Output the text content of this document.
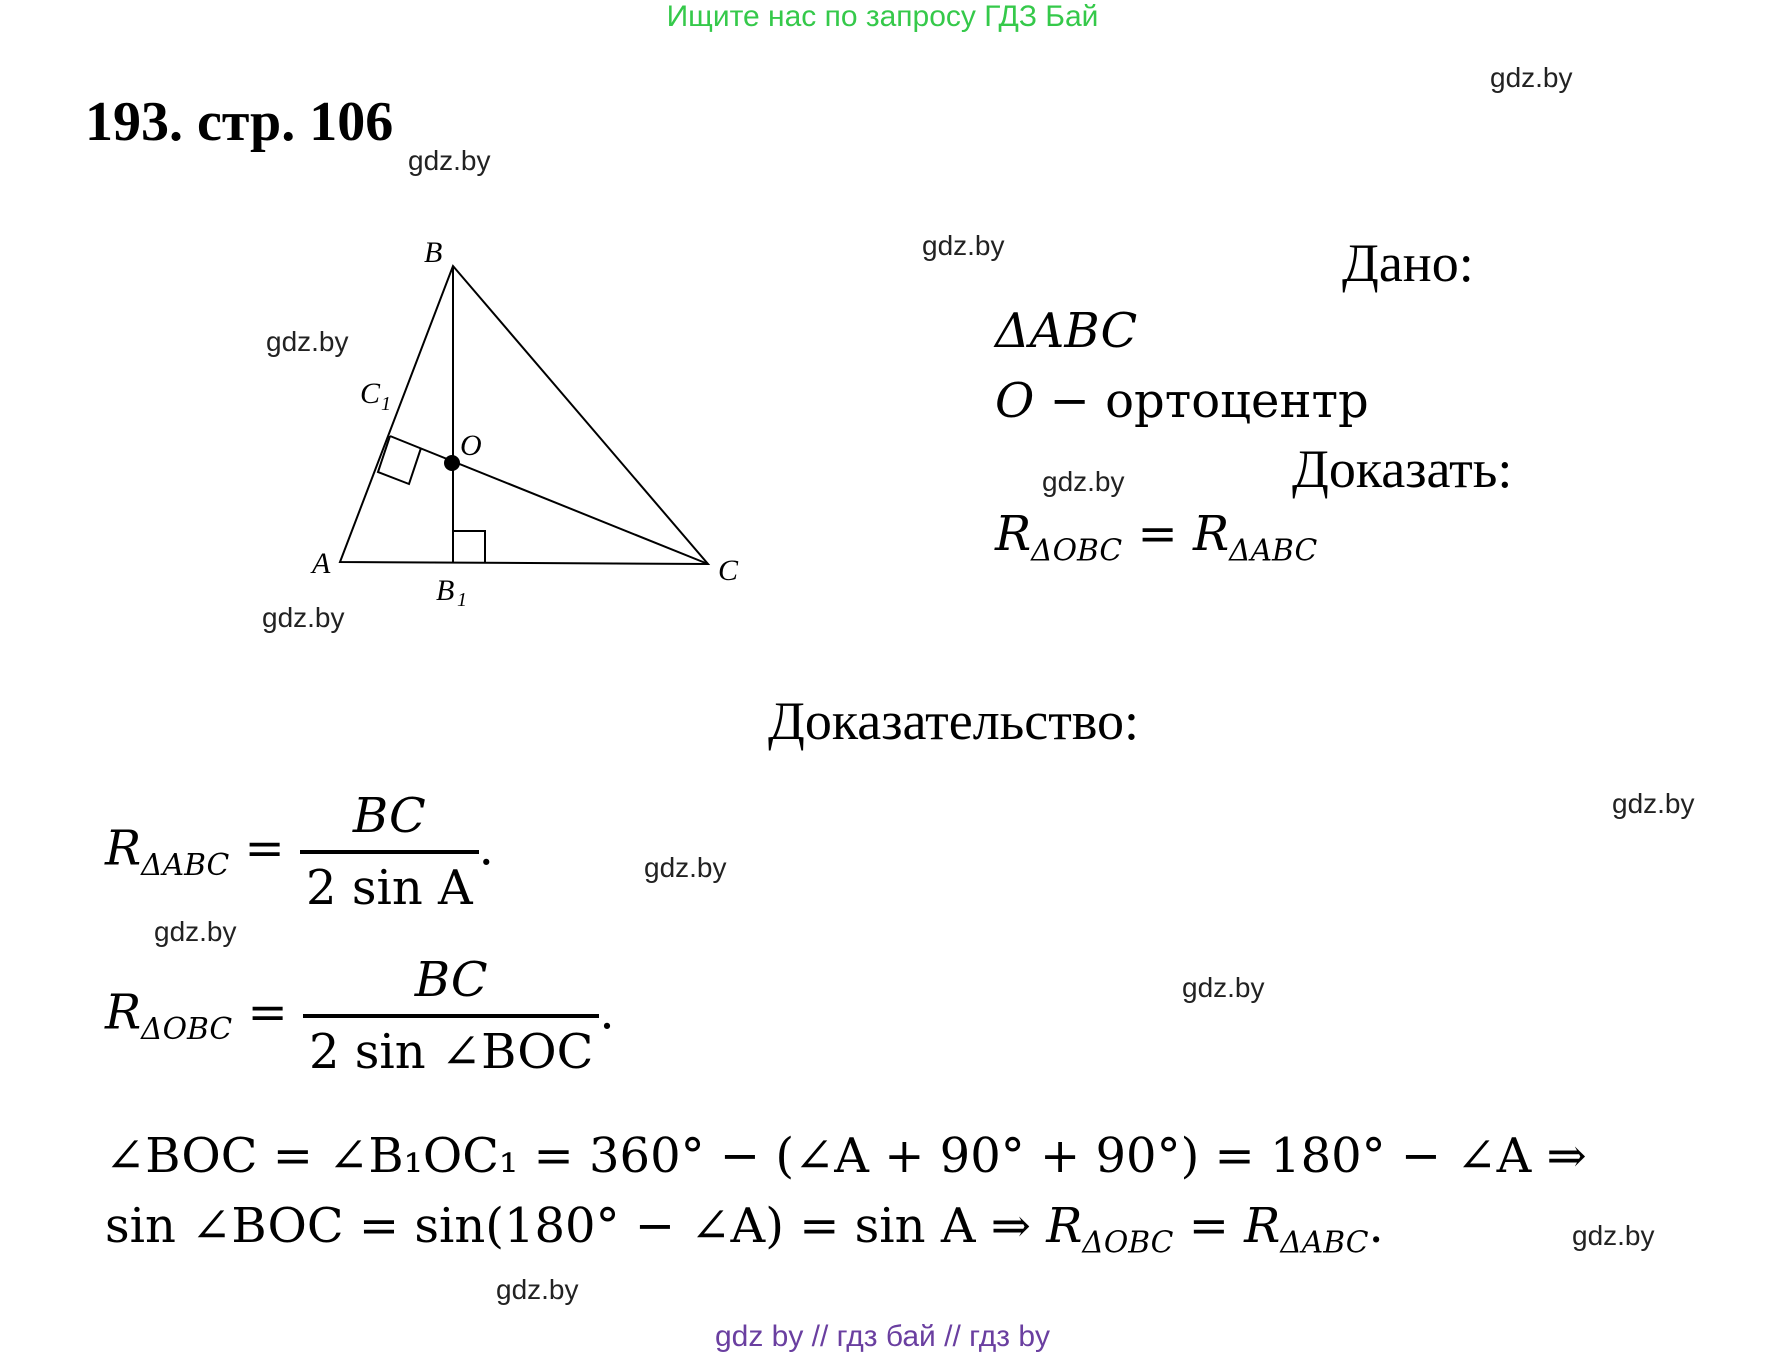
Ищите нас по запросу ГДЗ Бай
193. стр. 106
gdz.by
gdz.by
gdz.by
gdz.by
gdz.by
gdz.by
gdz.by
gdz.by
gdz.by
gdz.by
gdz.by
gdz.by
B
C 1
O
A
B 1
C
Дано:
ΔABC
O − ортоцентр
Доказать:
$R_{\Delta OBC} = R_{\Delta ABC}$
Доказательство:
$R_{\Delta ABC} = \frac{BC}{\text{2 sin A}}$ .
$R_{\Delta OBC} = \frac{BC}{\text{2 sin ∠BOC}}$ .
∠BOC = ∠B₁OC₁ = 360° − (∠A + 90° + 90°) = 180° − ∠A ⇒
sin ∠BOC = sin(180° − ∠A) = sin A ⇒ $R_{\Delta OBC} = R_{\Delta ABC}$.
gdz by // гдз бай // гдз by
